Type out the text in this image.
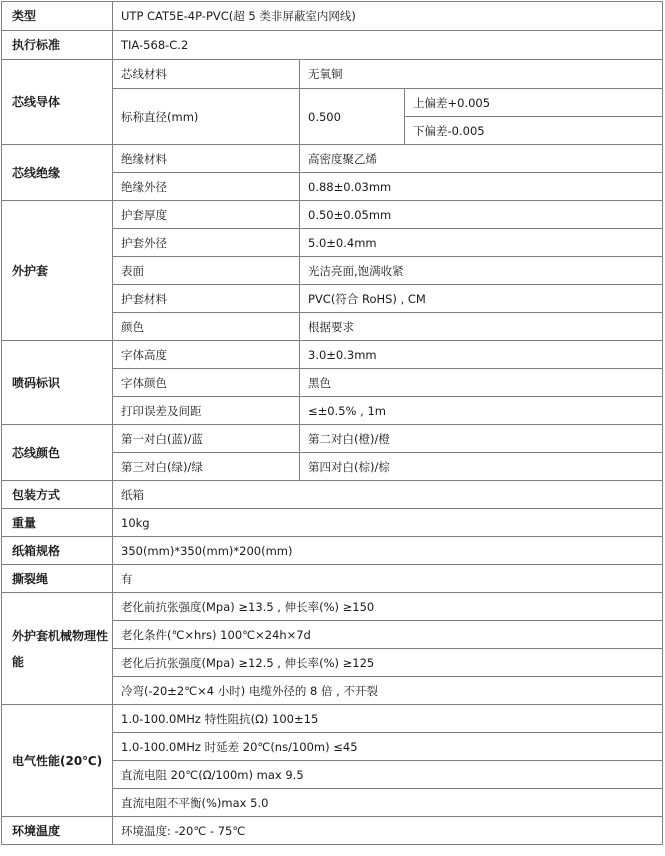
类型	UTP CAT5E-4P-PVC(超 5 类非屏蔽室内网线)		
执行标准	TIA-568-C.2		
芯线导体	芯线材料	无氧铜	
	标称直径(mm)	0.500	上偏差+0.005
			下偏差-0.005
芯线绝缘	绝缘材料	高密度聚乙烯	
	绝缘外径	0.88±0.03mm	
外护套	护套厚度	0.50±0.05mm	
	护套外径	5.0±0.4mm	
	表面	光洁亮面,饱满收紧	
	护套材料	PVC(符合 RoHS) , CM	
	颜色	根据要求	
喷码标识	字体高度	3.0±0.3mm	
	字体颜色	黑色	
	打印误差及间距	≤±0.5% , 1m	
芯线颜色	第一对白(蓝)/蓝	第二对白(橙)/橙	
	第三对白(绿)/绿	第四对白(棕)/棕	
包装方式	纸箱		
重量	10kg		
纸箱规格	350(mm)*350(mm)*200(mm)		
撕裂绳	有		
外护套机械物理性能	老化前抗张强度(Mpa) ≥13.5 , 伸长率(%) ≥150		
	老化条件(℃×hrs) 100℃×24h×7d		
	老化后抗张强度(Mpa) ≥12.5 , 伸长率(%) ≥125		
	冷弯(-20±2℃×4 小时) 电缆外径的 8 倍 , 不开裂		
电气性能(20℃)	1.0-100.0MHz 特性阻抗(Ω) 100±15		
	1.0-100.0MHz 时延差 20℃(ns/100m) ≤45		
	直流电阻 20℃(Ω/100m) max 9.5		
	直流电阻不平衡(%)max 5.0		
环境温度	环境温度: -20℃ - 75℃		
